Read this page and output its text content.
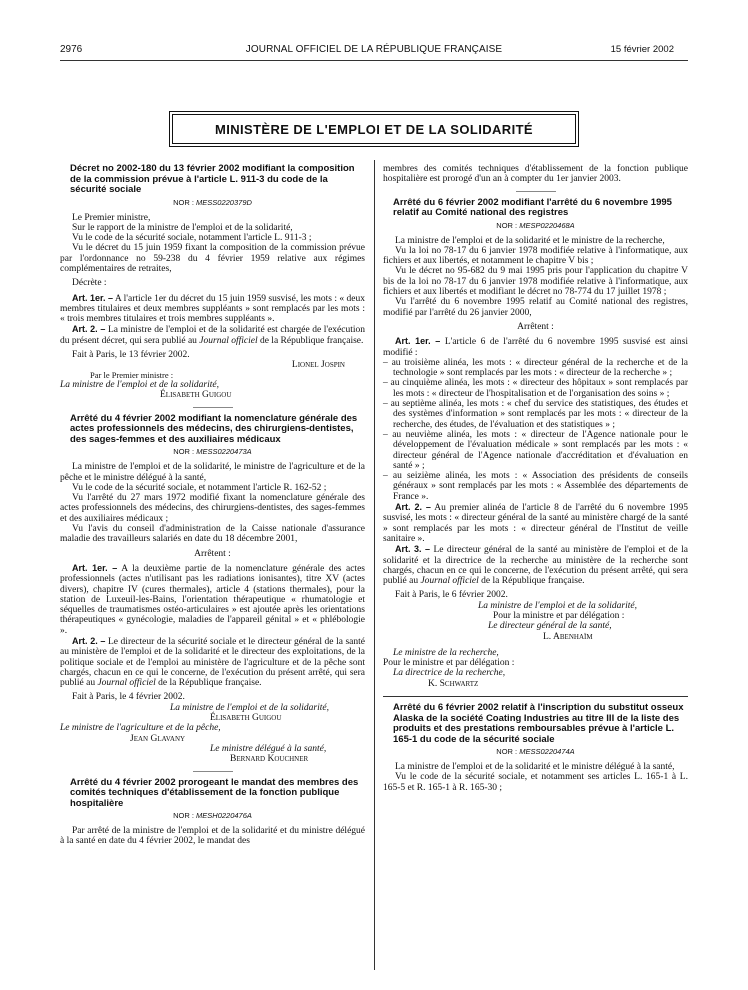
2976	JOURNAL OFFICIEL DE LA RÉPUBLIQUE FRANÇAISE	15 février 2002
MINISTÈRE DE L'EMPLOI ET DE LA SOLIDARITÉ
Décret no 2002-180 du 13 février 2002 modifiant la composition de la commission prévue à l'article L. 911-3 du code de la sécurité sociale
NOR : MESS0220379D

Le Premier ministre,

Sur le rapport de la ministre de l'emploi et de la solidarité,

Vu le code de la sécurité sociale, notamment l'article L. 911-3 ;

Vu le décret du 15 juin 1959 fixant la composition de la commission prévue par l'ordonnance no 59-238 du 4 février 1959 relative aux régimes complémentaires de retraites,

Décrète :

Art. 1er. – A l'article 1er du décret du 15 juin 1959 susvisé, les mots : « deux membres titulaires et deux membres suppléants » sont remplacés par les mots : « trois membres titulaires et trois membres suppléants ».

Art. 2. – La ministre de l'emploi et de la solidarité est chargée de l'exécution du présent décret, qui sera publié au Journal officiel de la République française.

Fait à Paris, le 13 février 2002.

Lionel Jospin
Par le Premier ministre :
La ministre de l'emploi et de la solidarité,
Élisabeth Guigou
Arrêté du 4 février 2002 modifiant la nomenclature générale des actes professionnels des médecins, des chirurgiens-dentistes, des sages-femmes et des auxiliaires médicaux
NOR : MESS0220473A

La ministre de l'emploi et de la solidarité, le ministre de l'agriculture et de la pêche et le ministre délégué à la santé,

Vu le code de la sécurité sociale, et notamment l'article R. 162-52 ;

Vu l'arrêté du 27 mars 1972 modifié fixant la nomenclature générale des actes professionnels des médecins, des chirurgiens-dentistes, des sages-femmes et des auxiliaires médicaux ;

Vu l'avis du conseil d'administration de la Caisse nationale d'assurance maladie des travailleurs salariés en date du 18 décembre 2001,

Arrêtent :

Art. 1er. – A la deuxième partie de la nomenclature générale des actes professionnels (actes n'utilisant pas les radiations ionisantes), titre XV (actes divers), chapitre IV (cures thermales), article 4 (stations thermales), pour la station de Luxeuil-les-Bains, l'orientation thérapeutique « rhumatologie et séquelles de traumatismes ostéo-articulaires » est ajoutée après les orientations thérapeutiques « gynécologie, maladies de l'appareil génital » et « phlébologie ».

Art. 2. – Le directeur de la sécurité sociale et le directeur général de la santé au ministère de l'emploi et de la solidarité et le directeur des exploitations, de la politique sociale et de l'emploi au ministère de l'agriculture et de la pêche sont chargés, chacun en ce qui le concerne, de l'exécution du présent arrêté, qui sera publié au Journal officiel de la République française.

Fait à Paris, le 4 février 2002.

La ministre de l'emploi et de la solidarité,
Élisabeth Guigou
Le ministre de l'agriculture et de la pêche,
Jean Glavany
Le ministre délégué à la santé,
Bernard Kouchner
Arrêté du 4 février 2002 prorogeant le mandat des membres des comités techniques d'établissement de la fonction publique hospitalière
NOR : MESH0220476A

Par arrêté de la ministre de l'emploi et de la solidarité et du ministre délégué à la santé en date du 4 février 2002, le mandat des

membres des comités techniques d'établissement de la fonction publique hospitalière est prorogé d'un an à compter du 1er janvier 2003.

Arrêté du 6 février 2002 modifiant l'arrêté du 6 novembre 1995 relatif au Comité national des registres
NOR : MESP0220468A

La ministre de l'emploi et de la solidarité et le ministre de la recherche,

Vu la loi no 78-17 du 6 janvier 1978 modifiée relative à l'informatique, aux fichiers et aux libertés, et notamment le chapitre V bis ;

Vu le décret no 95-682 du 9 mai 1995 pris pour l'application du chapitre V bis de la loi no 78-17 du 6 janvier 1978 modifiée relative à l'informatique, aux fichiers et aux libertés et modifiant le décret no 78-774 du 17 juillet 1978 ;

Vu l'arrêté du 6 novembre 1995 relatif au Comité national des registres, modifié par l'arrêté du 26 janvier 2000,

Arrêtent :

Art. 1er. – L'article 6 de l'arrêté du 6 novembre 1995 susvisé est ainsi modifié :

– au troisième alinéa, les mots : « directeur général de la recherche et de la technologie » sont remplacés par les mots : « directeur de la recherche » ;
– au cinquième alinéa, les mots : « directeur des hôpitaux » sont remplacés par les mots : « directeur de l'hospitalisation et de l'organisation des soins » ;
– au septième alinéa, les mots : « chef du service des statistiques, des études et des systèmes d'information » sont remplacés par les mots : « directeur de la recherche, des études, de l'évaluation et des statistiques » ;
– au neuvième alinéa, les mots : « directeur de l'Agence nationale pour le développement de l'évaluation médicale » sont remplacés par les mots : « directeur général de l'Agence nationale d'accréditation et d'évaluation en santé » ;
– au seizième alinéa, les mots : « Association des présidents de conseils généraux » sont remplacés par les mots : « Assemblée des départements de France ».

Art. 2. – Au premier alinéa de l'article 8 de l'arrêté du 6 novembre 1995 susvisé, les mots : « directeur général de la santé au ministère chargé de la santé » sont remplacés par les mots : « directeur général de l'Institut de veille sanitaire ».

Art. 3. – Le directeur général de la santé au ministère de l'emploi et de la solidarité et la directrice de la recherche au ministère de la recherche sont chargés, chacun en ce qui le concerne, de l'exécution du présent arrêté, qui sera publié au Journal officiel de la République française.

Fait à Paris, le 6 février 2002.

La ministre de l'emploi et de la solidarité,
Pour la ministre et par délégation :
Le directeur général de la santé,
L. Abenhaïm
Le ministre de la recherche,
Pour le ministre et par délégation :
La directrice de la recherche,
K. Schwartz
Arrêté du 6 février 2002 relatif à l'inscription du substitut osseux Alaska de la société Coating Industries au titre III de la liste des produits et des prestations remboursables prévue à l'article L. 165-1 du code de la sécurité sociale
NOR : MESS0220474A

La ministre de l'emploi et de la solidarité et le ministre délégué à la santé,

Vu le code de la sécurité sociale, et notamment ses articles L. 165-1 à L. 165-5 et R. 165-1 à R. 165-30 ;
